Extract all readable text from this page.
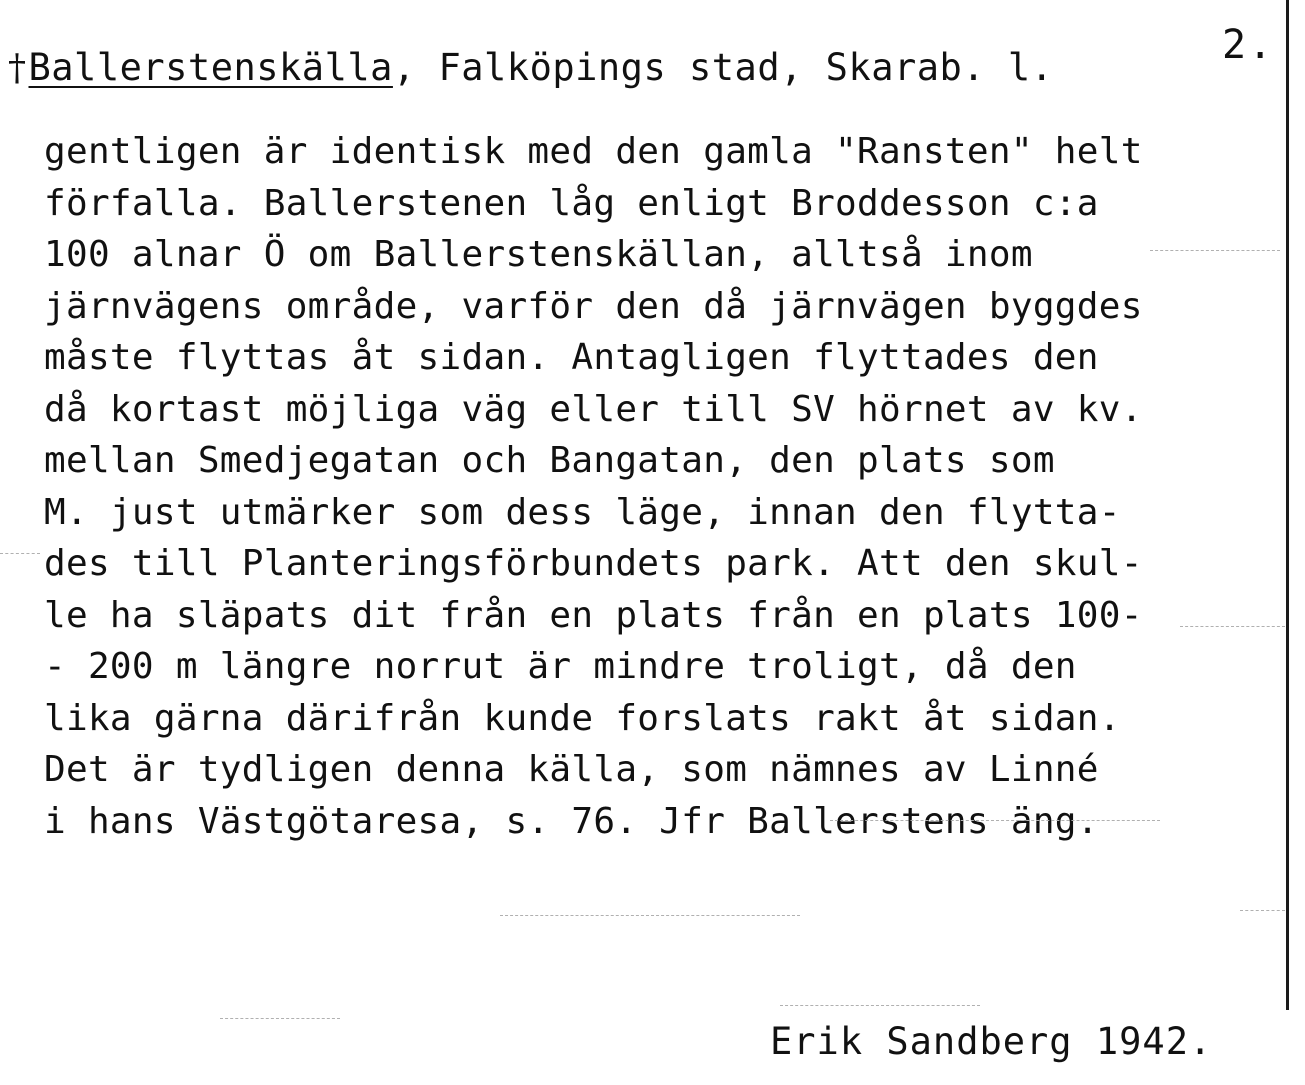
2.
†Ballerstenskälla, Falköpings stad, Skarab. l.
gentligen är identisk med den gamla "Ransten" helt
förfalla. Ballerstenen låg enligt Broddesson c:a
100 alnar Ö om Ballerstenskällan, alltså inom
järnvägens område, varför den då järnvägen byggdes
måste flyttas åt sidan. Antagligen flyttades den
då kortast möjliga väg eller till SV hörnet av kv.
mellan Smedjegatan och Bangatan, den plats som
M. just utmärker som dess läge, innan den flytta-
des till Planteringsförbundets park. Att den skul-
le ha släpats dit från en plats från en plats 100-
- 200 m längre norrut är mindre troligt, då den
lika gärna därifrån kunde forslats rakt åt sidan.
Det är tydligen denna källa, som nämnes av Linné
i hans Västgötaresa, s. 76. Jfr Ballerstens äng.
Erik Sandberg 1942.
